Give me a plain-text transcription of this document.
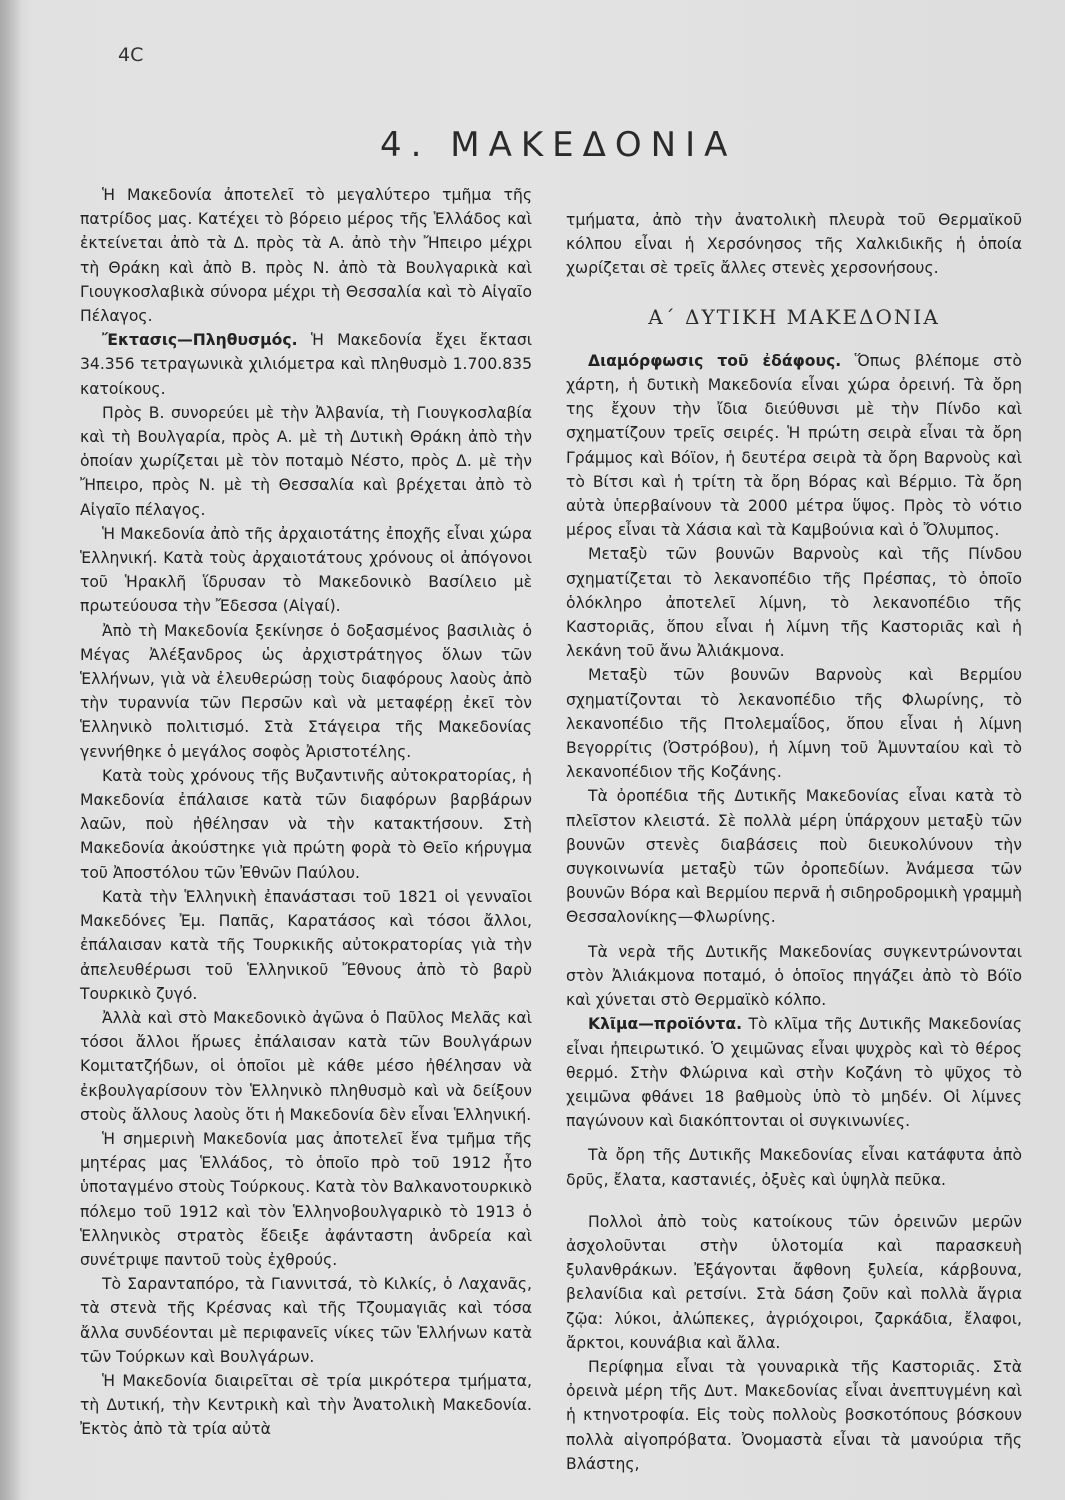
4C
4. ΜΑΚΕΔΟΝΙΑ

Ἡ Μακεδονία ἀποτελεῖ τὸ μεγαλύτερο τμῆμα τῆς πατρίδος μας. Κατέχει τὸ βόρειο μέρος τῆς Ἑλλάδος καὶ ἐκτείνεται ἀπὸ τὰ Δ. πρὸς τὰ Α. ἀπὸ τὴν Ἤπειρο μέχρι τὴ Θράκη καὶ ἀπὸ Β. πρὸς Ν. ἀπὸ τὰ Βουλγαρικὰ καὶ Γιουγκοσλαβικὰ σύνορα μέχρι τὴ Θεσσαλία καὶ τὸ Αἰγαῖο Πέλαγος.

Ἔκτασις—Πληθυσμός. Ἡ Μακεδονία ἔχει ἔκτασι 34.356 τετραγωνικὰ χιλιόμετρα καὶ πληθυσμὸ 1.700.835 κατοίκους.

Πρὸς Β. συνορεύει μὲ τὴν Ἀλβανία, τὴ Γιουγκοσλαβία καὶ τὴ Βουλγαρία, πρὸς Α. μὲ τὴ Δυτικὴ Θράκη ἀπὸ τὴν ὁποίαν χωρίζεται μὲ τὸν ποταμὸ Νέστο, πρὸς Δ. μὲ τὴν Ἤπειρο, πρὸς Ν. μὲ τὴ Θεσσαλία καὶ βρέχεται ἀπὸ τὸ Αἰγαῖο πέλαγος.

Ἡ Μακεδονία ἀπὸ τῆς ἀρχαιοτάτης ἐποχῆς εἶναι χώρα Ἑλληνική. Κατὰ τοὺς ἀρχαιοτάτους χρόνους οἱ ἀπόγονοι τοῦ Ἡρακλῆ ἵδρυσαν τὸ Μακεδονικὸ Βασίλειο μὲ πρωτεύουσα τὴν Ἔδεσσα (Αἰγαί).

Ἀπὸ τὴ Μακεδονία ξεκίνησε ὁ δοξασμένος βασιλιὰς ὁ Μέγας Ἀλέξανδρος ὡς ἀρχιστράτηγος ὅλων τῶν Ἑλλήνων, γιὰ νὰ ἐλευθερώσῃ τοὺς διαφόρους λαοὺς ἀπὸ τὴν τυραννία τῶν Περσῶν καὶ νὰ μεταφέρῃ ἐκεῖ τὸν Ἑλληνικὸ πολιτισμό. Στὰ Στάγειρα τῆς Μακεδονίας γεννήθηκε ὁ μεγάλος σοφὸς Ἀριστοτέλης.

Κατὰ τοὺς χρόνους τῆς Βυζαντινῆς αὐτοκρατορίας, ἡ Μακεδονία ἐπάλαισε κατὰ τῶν διαφόρων βαρβάρων λαῶν, ποὺ ἠθέλησαν νὰ τὴν κατακτήσουν. Στὴ Μακεδονία ἀκούστηκε γιὰ πρώτη φορὰ τὸ Θεῖο κήρυγμα τοῦ Ἀποστόλου τῶν Ἐθνῶν Παύλου.

Κατὰ τὴν Ἑλληνικὴ ἐπανάστασι τοῦ 1821 οἱ γενναῖοι Μακεδόνες Ἐμ. Παπᾶς, Καρατάσος καὶ τόσοι ἄλλοι, ἐπάλαισαν κατὰ τῆς Τουρκικῆς αὐτοκρατορίας γιὰ τὴν ἀπελευθέρωσι τοῦ Ἑλληνικοῦ Ἔθνους ἀπὸ τὸ βαρὺ Τουρκικὸ ζυγό.

Ἀλλὰ καὶ στὸ Μακεδονικὸ ἀγῶνα ὁ Παῦλος Μελᾶς καὶ τόσοι ἄλλοι ἥρωες ἐπάλαισαν κατὰ τῶν Βουλγάρων Κομιτατζήδων, οἱ ὁποῖοι μὲ κάθε μέσο ἠθέλησαν νὰ ἐκβουλγαρίσουν τὸν Ἑλληνικὸ πληθυσμὸ καὶ νὰ δείξουν στοὺς ἄλλους λαοὺς ὅτι ἡ Μακεδονία δὲν εἶναι Ἑλληνική.

Ἡ σημερινὴ Μακεδονία μας ἀποτελεῖ ἕνα τμῆμα τῆς μητέρας μας Ἑλλάδος, τὸ ὁποῖο πρὸ τοῦ 1912 ἦτο ὑποταγμένο στοὺς Τούρκους. Κατὰ τὸν Βαλκανοτουρκικὸ πόλεμο τοῦ 1912 καὶ τὸν Ἑλληνοβουλγαρικὸ τὸ 1913 ὁ Ἑλληνικὸς στρατὸς ἔδειξε ἀφάνταστη ἀνδρεία καὶ συνέτριψε παντοῦ τοὺς ἐχθρούς.

Τὸ Σαρανταπόρο, τὰ Γιαννιτσά, τὸ Κιλκίς, ὁ Λαχανᾶς, τὰ στενὰ τῆς Κρέσνας καὶ τῆς Τζουμαγιᾶς καὶ τόσα ἄλλα συνδέονται μὲ περιφανεῖς νίκες τῶν Ἑλλήνων κατὰ τῶν Τούρκων καὶ Βουλγάρων.

Ἡ Μακεδονία διαιρεῖται σὲ τρία μικρότερα τμήματα, τὴ Δυτική, τὴν Κεντρικὴ καὶ τὴν Ἀνατολικὴ Μακεδονία. Ἐκτὸς ἀπὸ τὰ τρία αὐτὰ

τμήματα, ἀπὸ τὴν ἀνατολικὴ πλευρὰ τοῦ Θερμαϊκοῦ κόλπου εἶναι ἡ Χερσόνησος τῆς Χαλκιδικῆς ἡ ὁποία χωρίζεται σὲ τρεῖς ἄλλες στενὲς χερσονήσους.

Α΄ ΔΥΤΙΚΗ ΜΑΚΕΔΟΝΙΑ

Διαμόρφωσις τοῦ ἐδάφους. Ὅπως βλέπομε στὸ χάρτη, ἡ δυτικὴ Μακεδονία εἶναι χώρα ὀρεινή. Τὰ ὄρη της ἔχουν τὴν ἴδια διεύθυνσι μὲ τὴν Πίνδο καὶ σχηματίζουν τρεῖς σειρές. Ἡ πρώτη σειρὰ εἶναι τὰ ὄρη Γράμμος καὶ Βόϊον, ἡ δευτέρα σειρὰ τὰ ὄρη Βαρνοὺς καὶ τὸ Βίτσι καὶ ἡ τρίτη τὰ ὄρη Βόρας καὶ Βέρμιο. Τὰ ὄρη αὐτὰ ὑπερβαίνουν τὰ 2000 μέτρα ὕψος. Πρὸς τὸ νότιο μέρος εἶναι τὰ Χάσια καὶ τὰ Καμβούνια καὶ ὁ Ὄλυμπος.

Μεταξὺ τῶν βουνῶν Βαρνοὺς καὶ τῆς Πίνδου σχηματίζεται τὸ λεκανοπέδιο τῆς Πρέσπας, τὸ ὁποῖο ὁλόκληρο ἀποτελεῖ λίμνη, τὸ λεκανοπέδιο τῆς Καστοριᾶς, ὅπου εἶναι ἡ λίμνη τῆς Καστοριᾶς καὶ ἡ λεκάνη τοῦ ἄνω Ἀλιάκμονα.

Μεταξὺ τῶν βουνῶν Βαρνοὺς καὶ Βερμίου σχηματίζονται τὸ λεκανοπέδιο τῆς Φλωρίνης, τὸ λεκανοπέδιο τῆς Πτολεμαΐδος, ὅπου εἶναι ἡ λίμνη Βεγορρίτις (Ὀστρόβου), ἡ λίμνη τοῦ Ἀμυνταίου καὶ τὸ λεκανοπέδιον τῆς Κοζάνης.

Τὰ ὀροπέδια τῆς Δυτικῆς Μακεδονίας εἶναι κατὰ τὸ πλεῖστον κλειστά. Σὲ πολλὰ μέρη ὑπάρχουν μεταξὺ τῶν βουνῶν στενὲς διαβάσεις ποὺ διευκολύνουν τὴν συγκοινωνία μεταξὺ τῶν ὀροπεδίων. Ἀνάμεσα τῶν βουνῶν Βόρα καὶ Βερμίου περνᾶ ἡ σιδηροδρομικὴ γραμμὴ Θεσσαλονίκης—Φλωρίνης.

Τὰ νερὰ τῆς Δυτικῆς Μακεδονίας συγκεντρώνονται στὸν Ἀλιάκμονα ποταμό, ὁ ὁποῖος πηγάζει ἀπὸ τὸ Βόϊο καὶ χύνεται στὸ Θερμαϊκὸ κόλπο.

Κλῖμα—προϊόντα. Τὸ κλῖμα τῆς Δυτικῆς Μακεδονίας εἶναι ἠπειρωτικό. Ὁ χειμῶνας εἶναι ψυχρὸς καὶ τὸ θέρος θερμό. Στὴν Φλώρινα καὶ στὴν Κοζάνη τὸ ψῦχος τὸ χειμῶνα φθάνει 18 βαθμοὺς ὑπὸ τὸ μηδέν. Οἱ λίμνες παγώνουν καὶ διακόπτονται οἱ συγκινωνίες.

Τὰ ὄρη τῆς Δυτικῆς Μακεδονίας εἶναι κατάφυτα ἀπὸ δρῦς, ἔλατα, καστανιές, ὀξυὲς καὶ ὑψηλὰ πεῦκα.

Πολλοὶ ἀπὸ τοὺς κατοίκους τῶν ὀρεινῶν μερῶν ἀσχολοῦνται στὴν ὑλοτομία καὶ παρασκευὴ ξυλανθράκων. Ἐξάγονται ἄφθονη ξυλεία, κάρβουνα, βελανίδια καὶ ρετσίνι. Στὰ δάση ζοῦν καὶ πολλὰ ἄγρια ζῷα: λύκοι, ἀλώπεκες, ἀγριόχοιροι, ζαρκάδια, ἔλαφοι, ἄρκτοι, κουνάβια καὶ ἄλλα.

Περίφημα εἶναι τὰ γουναρικὰ τῆς Καστοριᾶς. Στὰ ὀρεινὰ μέρη τῆς Δυτ. Μακεδονίας εἶναι ἀνεπτυγμένη καὶ ἡ κτηνοτροφία. Εἰς τοὺς πολλοὺς βοσκοτόπους βόσκουν πολλὰ αἰγοπρόβατα. Ὀνομαστὰ εἶναι τὰ μανούρια τῆς Βλάστης,
